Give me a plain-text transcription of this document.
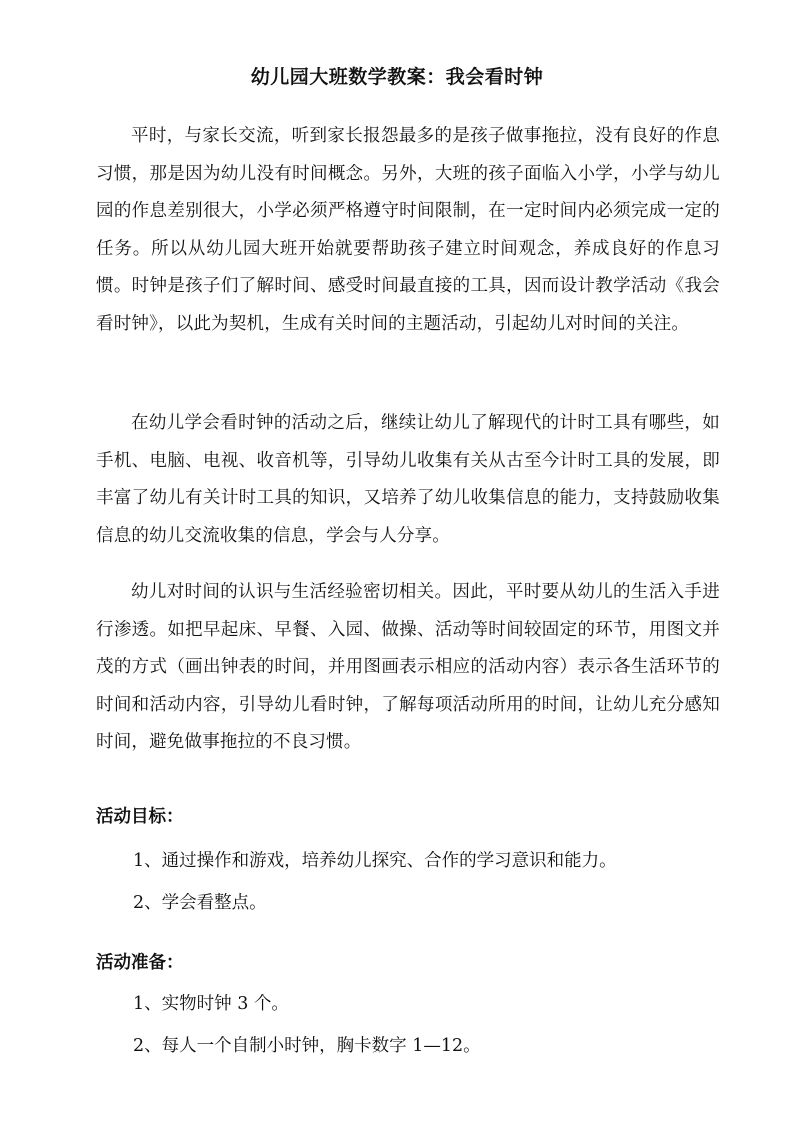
幼儿园大班数学教案：我会看时钟

平时，与家长交流，听到家长报怨最多的是孩子做事拖拉，没有良好的作息习惯，那是因为幼儿没有时间概念。另外，大班的孩子面临入小学，小学与幼儿园的作息差别很大，小学必须严格遵守时间限制，在一定时间内必须完成一定的任务。所以从幼儿园大班开始就要帮助孩子建立时间观念，养成良好的作息习惯。时钟是孩子们了解时间、感受时间最直接的工具，因而设计教学活动《我会看时钟》，以此为契机，生成有关时间的主题活动，引起幼儿对时间的关注。

在幼儿学会看时钟的活动之后，继续让幼儿了解现代的计时工具有哪些，如手机、电脑、电视、收音机等，引导幼儿收集有关从古至今计时工具的发展，即丰富了幼儿有关计时工具的知识，又培养了幼儿收集信息的能力，支持鼓励收集信息的幼儿交流收集的信息，学会与人分享。

幼儿对时间的认识与生活经验密切相关。因此，平时要从幼儿的生活入手进行渗透。如把早起床、早餐、入园、做操、活动等时间较固定的环节，用图文并茂的方式（画出钟表的时间，并用图画表示相应的活动内容）表示各生活环节的时间和活动内容，引导幼儿看时钟，了解每项活动所用的时间，让幼儿充分感知时间，避免做事拖拉的不良习惯。

活动目标：

1、通过操作和游戏，培养幼儿探究、合作的学习意识和能力。

2、学会看整点。

活动准备：

1、实物时钟 3 个。

2、每人一个自制小时钟，胸卡数字 1—12。
